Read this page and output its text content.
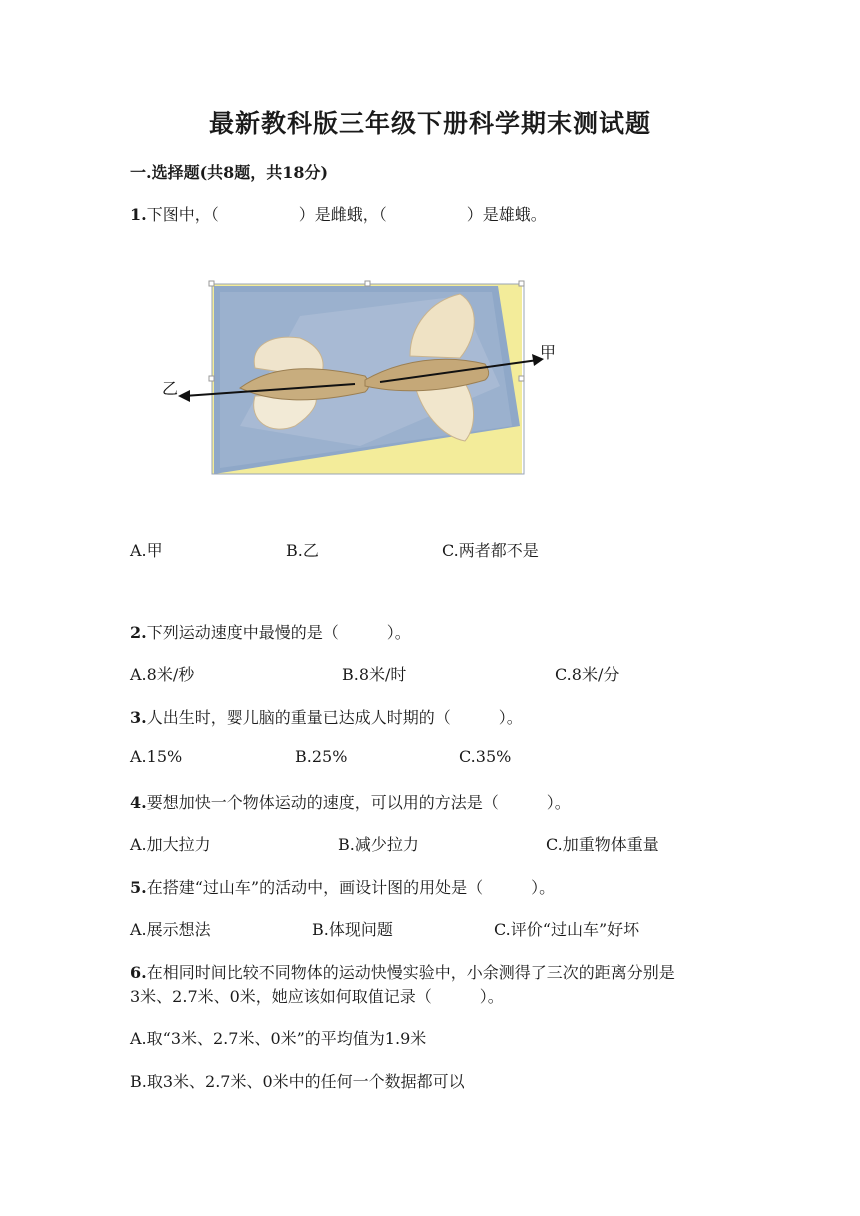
最新教科版三年级下册科学期末测试题
一.选择题(共8题，共18分)
1.下图中，（　　　　　）是雌蛾，（　　　　　）是雄蛾。
乙
甲
A.甲	B.乙	C.两者都不是
2.下列运动速度中最慢的是（　　　）。
A.8米/秒	B.8米/时	C.8米/分
3.人出生时，婴儿脑的重量已达成人时期的（　　　）。
A.15%	B.25%	C.35%
4.要想加快一个物体运动的速度，可以用的方法是（　　　）。
A.加大拉力	B.减少拉力	C.加重物体重量
5.在搭建“过山车”的活动中，画设计图的用处是（　　　）。
A.展示想法	B.体现问题	C.评价“过山车”好坏
6.在相同时间比较不同物体的运动快慢实验中，小余测得了三次的距离分别是
3米、2.7米、0米，她应该如何取值记录（　　　）。
A.取“3米、2.7米、0米”的平均值为1.9米
B.取3米、2.7米、0米中的任何一个数据都可以
